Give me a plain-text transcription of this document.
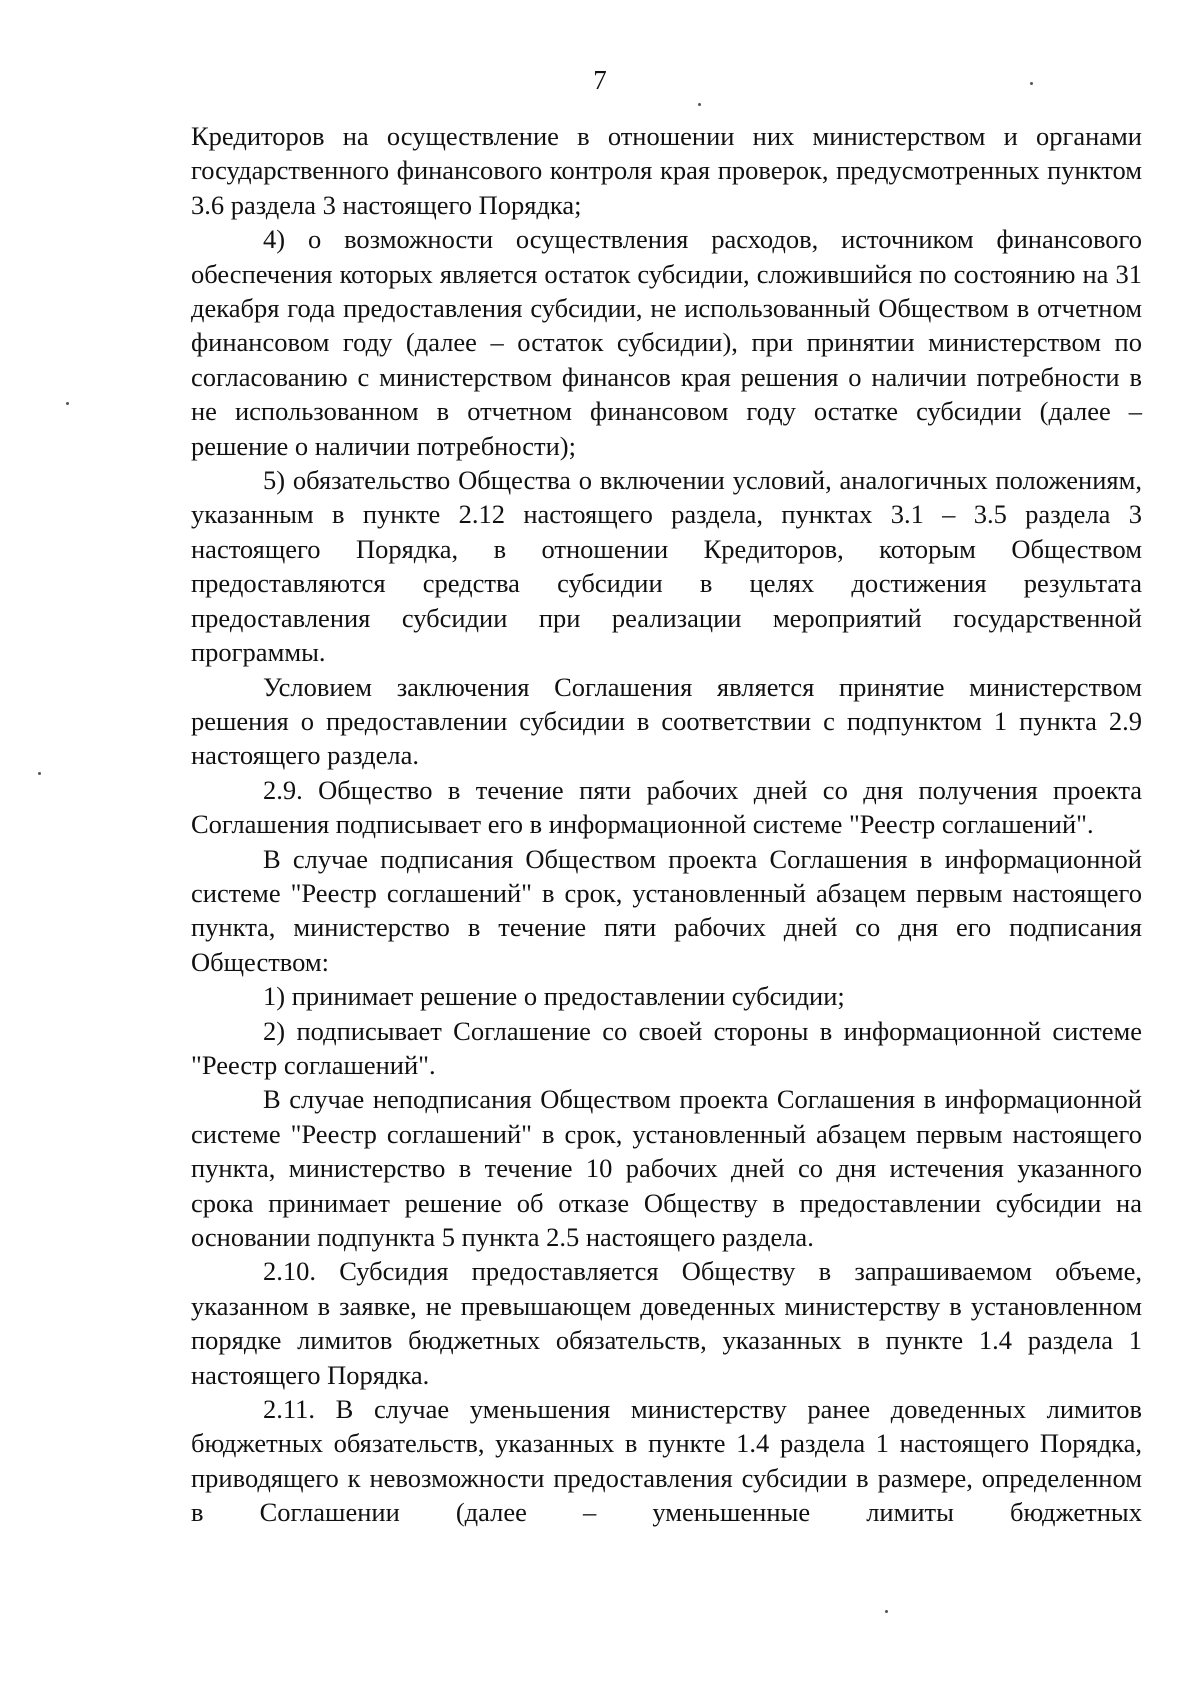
7

Кредиторов на осуществление в отношении них министерством и органами государственного финансового контроля края проверок, предусмотренных пунктом 3.6 раздела 3 настоящего Порядка;

4) о возможности осуществления расходов, источником финансового обеспечения которых является остаток субсидии, сложившийся по состоянию на 31 декабря года предоставления субсидии, не использованный Обществом в отчетном финансовом году (далее – остаток субсидии), при принятии министерством по согласованию с министерством финансов края решения о наличии потребности в не использованном в отчетном финансовом году остатке субсидии (далее – решение о наличии потребности);

5) обязательство Общества о включении условий, аналогичных положениям, указанным в пункте 2.12 настоящего раздела, пунктах 3.1 – 3.5 раздела 3 настоящего Порядка, в отношении Кредиторов, которым Обществом предоставляются средства субсидии в целях достижения результата предоставления субсидии при реализации мероприятий государственной программы.

Условием заключения Соглашения является принятие министерством решения о предоставлении субсидии в соответствии с подпунктом 1 пункта 2.9 настоящего раздела.

2.9. Общество в течение пяти рабочих дней со дня получения проекта Соглашения подписывает его в информационной системе "Реестр соглашений".

В случае подписания Обществом проекта Соглашения в информационной системе "Реестр соглашений" в срок, установленный абзацем первым настоящего пункта, министерство в течение пяти рабочих дней со дня его подписания Обществом:

1) принимает решение о предоставлении субсидии;

2) подписывает Соглашение со своей стороны в информационной системе "Реестр соглашений".

В случае неподписания Обществом проекта Соглашения в информационной системе "Реестр соглашений" в срок, установленный абзацем первым настоящего пункта, министерство в течение 10 рабочих дней со дня истечения указанного срока принимает решение об отказе Обществу в предоставлении субсидии на основании подпункта 5 пункта 2.5 настоящего раздела.

2.10. Субсидия предоставляется Обществу в запрашиваемом объеме, указанном в заявке, не превышающем доведенных министерству в установленном порядке лимитов бюджетных обязательств, указанных в пункте 1.4 раздела 1 настоящего Порядка.

2.11. В случае уменьшения министерству ранее доведенных лимитов бюджетных обязательств, указанных в пункте 1.4 раздела 1 настоящего Порядка, приводящего к невозможности предоставления субсидии в размере, определенном в Соглашении (далее – уменьшенные лимиты бюджетных
